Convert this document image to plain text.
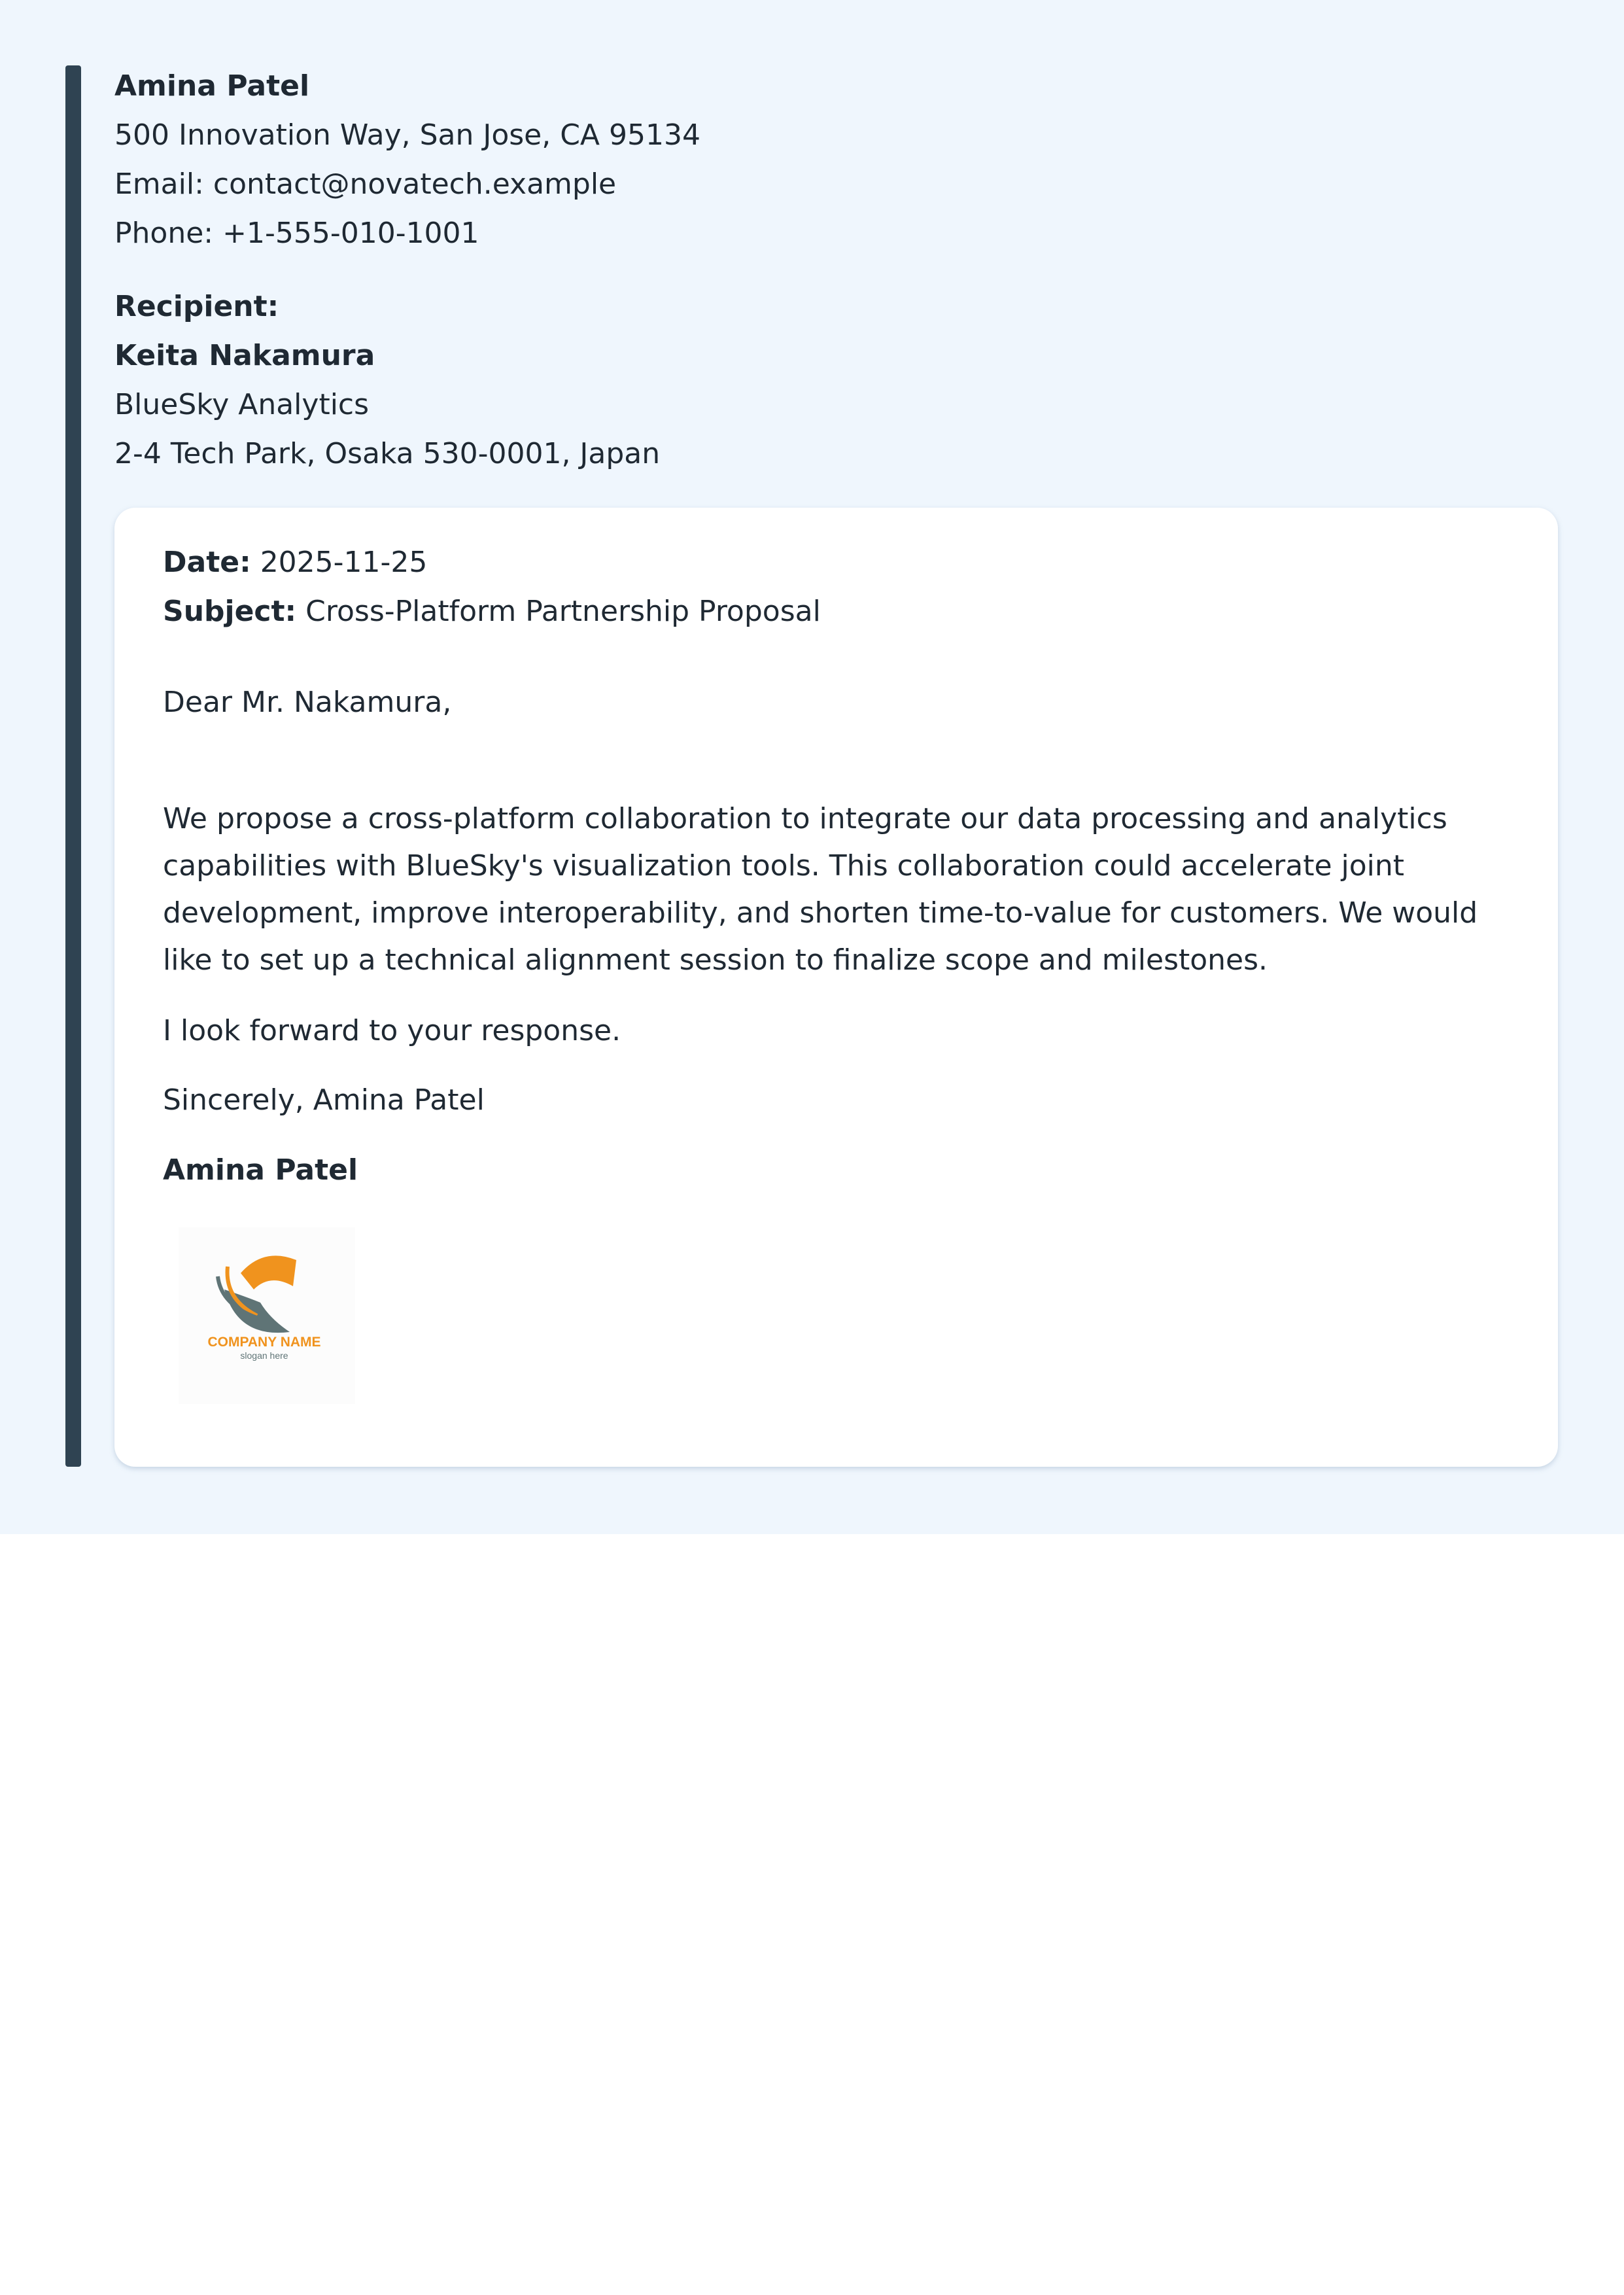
Amina Patel

500 Innovation Way, San Jose, CA 95134

Email: contact@novatech.example

Phone: +1-555-010-1001

Recipient:

Keita Nakamura

BlueSky Analytics

2-4 Tech Park, Osaka 530-0001, Japan

Date: 2025-11-25

Subject: Cross-Platform Partnership Proposal

Dear Mr. Nakamura,

We propose a cross-platform collaboration to integrate our data processing and analytics capabilities with BlueSky's visualization tools. This collaboration could accelerate joint development, improve interoperability, and shorten time-to-value for customers. We would like to set up a technical alignment session to finalize scope and milestones.

I look forward to your response.

Sincerely, Amina Patel

Amina Patel

COMPANY NAME
slogan here
